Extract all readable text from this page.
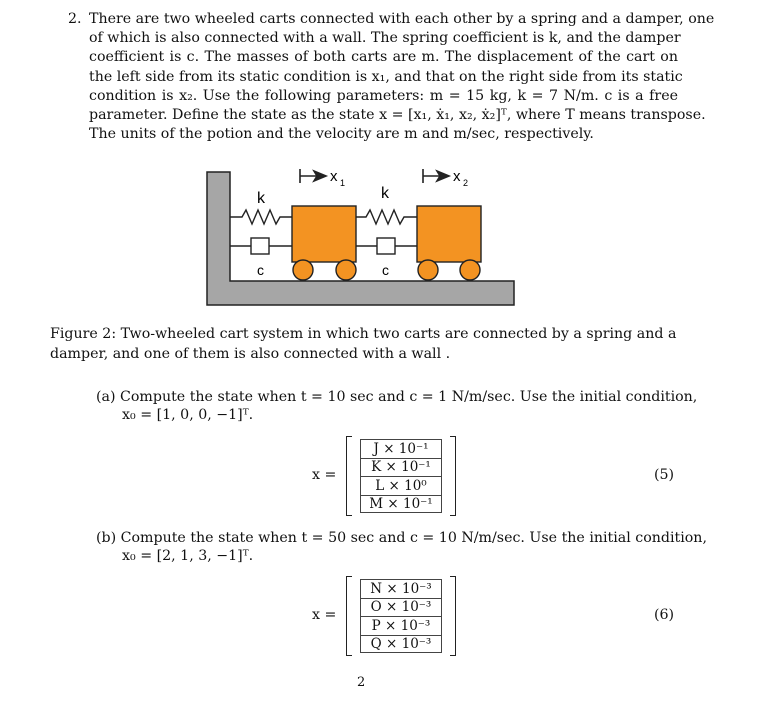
2. There are two wheeled carts connected with each other by a spring and a damper, one
of which is also connected with a wall. The spring coefficient is k, and the damper
coefficient is c. The masses of both carts are m. The displacement of the cart on
the left side from its static condition is x₁, and that on the right side from its static
condition is x₂. Use the following parameters: m = 15 kg, k = 7 N/m. c is a free
parameter. Define the state as the state x = [x₁, ẋ₁, x₂, ẋ₂]ᵀ, where T means transpose.
The units of the potion and the velocity are m and m/sec, respectively.
x 1	x 2
k	k
c	c
Figure 2: Two-wheeled cart system in which two carts are connected by a spring and a
damper, and one of them is also connected with a wall .
(a) Compute the state when t = 10 sec and c = 1 N/m/sec. Use the initial condition,
x₀ = [1, 0, 0, −1]ᵀ.
x =
J × 10⁻¹
K × 10⁻¹
L × 10⁰
M × 10⁻¹
(5)
(b) Compute the state when t = 50 sec and c = 10 N/m/sec. Use the initial condition,
x₀ = [2, 1, 3, −1]ᵀ.
x =
N × 10⁻³
O × 10⁻³
P × 10⁻³
Q × 10⁻³
(6)
2
